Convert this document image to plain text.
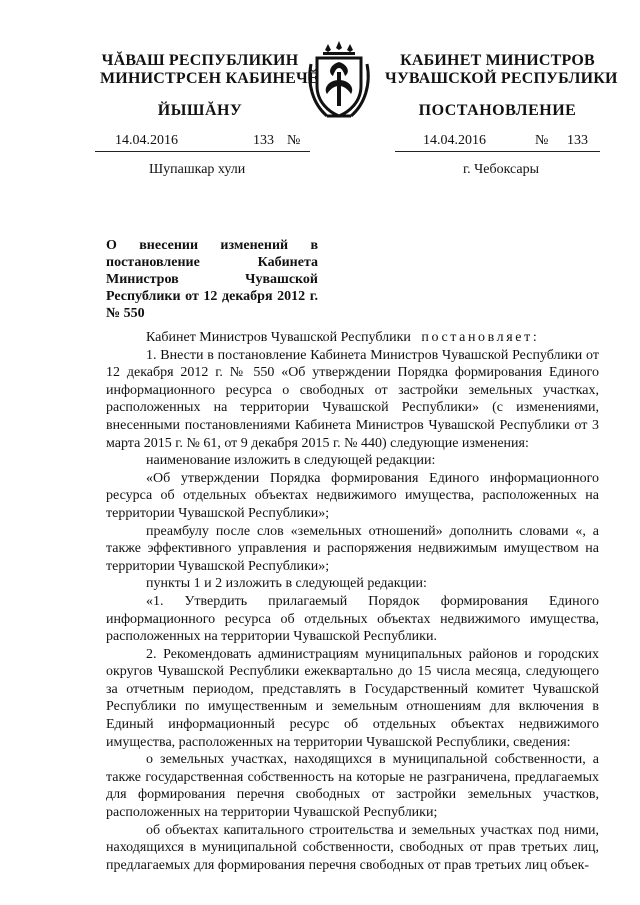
ЧĂВАШ РЕСПУБЛИКИН
МИНИСТРСЕН КАБИНЕЧĔ
ЙЫШĂНУ
КАБИНЕТ МИНИСТРОВ
ЧУВАШСКОЙ РЕСПУБЛИКИ
ПОСТАНОВЛЕНИЕ
14.04.2016	133 №	14.04.2016	№ 133
Шупашкар хули	г. Чебоксары
О внесении изменений в постановление Кабинета Министров Чувашской Республики от 12 декабря 2012 г. № 550

Кабинет Министров Чувашской Республики постановляет:

1. Внести в постановление Кабинета Министров Чувашской Республики от 12 декабря 2012 г. № 550 «Об утверждении Порядка формирования Единого информационного ресурса о свободных от застройки земельных участках, расположенных на территории Чувашской Республики» (с изменениями, внесенными постановлениями Кабинета Министров Чувашской Республики от 3 марта 2015 г. № 61, от 9 декабря 2015 г. № 440) следующие изменения:

наименование изложить в следующей редакции:

«Об утверждении Порядка формирования Единого информационного ресурса об отдельных объектах недвижимого имущества, расположенных на территории Чувашской Республики»;

преамбулу после слов «земельных отношений» дополнить словами «, а также эффективного управления и распоряжения недвижимым имуществом на территории Чувашской Республики»;

пункты 1 и 2 изложить в следующей редакции:

«1. Утвердить прилагаемый Порядок формирования Единого информационного ресурса об отдельных объектах недвижимого имущества, расположенных на территории Чувашской Республики.

2. Рекомендовать администрациям муниципальных районов и городских округов Чувашской Республики ежеквартально до 15 числа месяца, следующего за отчетным периодом, представлять в Государственный комитет Чувашской Республики по имущественным и земельным отношениям для включения в Единый информационный ресурс об отдельных объектах недвижимого имущества, расположенных на территории Чувашской Республики, сведения:

о земельных участках, находящихся в муниципальной собственности, а также государственная собственность на которые не разграничена, предлагаемых для формирования перечня свободных от застройки земельных участков, расположенных на территории Чувашской Республики;

об объектах капитального строительства и земельных участках под ними, находящихся в муниципальной собственности, свободных от прав третьих лиц, предлагаемых для формирования перечня свободных от прав третьих лиц объек-
